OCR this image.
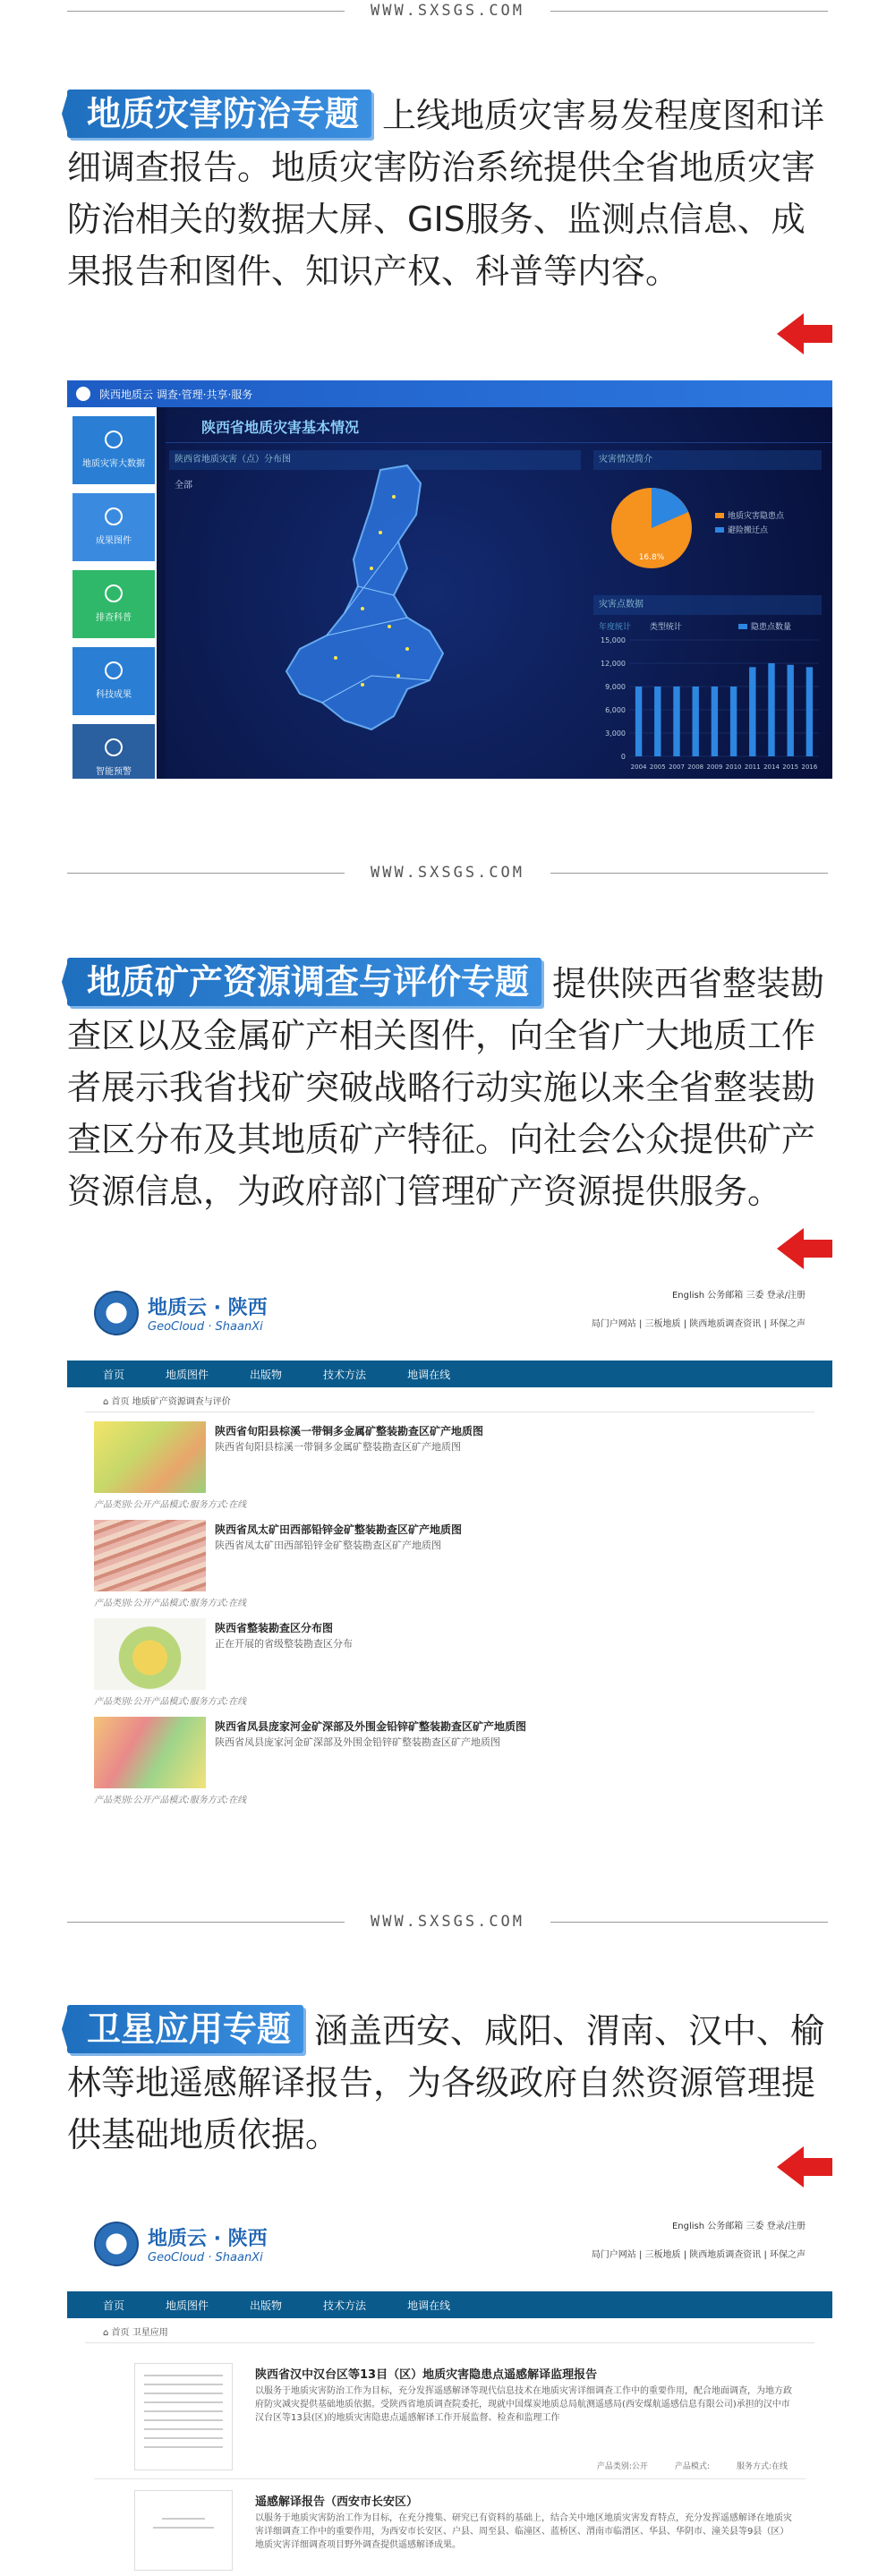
WWW.SXSGS.COM
地质灾害防治专题 上线地质灾害易发程度图和详细调查报告。地质灾害防治系统提供全省地质灾害防治相关的数据大屏、GIS服务、监测点信息、成果报告和图件、知识产权、科普等内容。
陕西地质云 调查·管理·共享·服务
地质灾害大数据
成果图件
排查科普
科技成果
智能预警
陕西省地质灾害基本情况
陕西省地质灾害（点）分布图
全部
灾害情况简介
16.8%
地质灾害隐患点
避险搬迁点
灾害点数据
年度统计 类型统计	隐患点数量
0
3,000
6,000
9,000
12,000
15,000
2004 2005 2007 2008 2009 2010 2011 2014 2015 2016
WWW.SXSGS.COM
地质矿产资源调查与评价专题 提供陕西省整装勘查区以及金属矿产相关图件，向全省广大地质工作者展示我省找矿突破战略行动实施以来全省整装勘查区分布及其地质矿产特征。向社会公众提供矿产资源信息，为政府部门管理矿产资源提供服务。
地质云 · 陕西
GeoCloud · ShaanXi
English 公务邮箱 三委 登录/注册
局门户网站 | 三板地质 | 陕西地质调查资讯 | 环保之声
首页	地质图件	出版物	技术方法	地调在线
⌂ 首页 地质矿产资源调查与评价
陕西省旬阳县棕溪一带铜多金属矿整装勘查区矿产地质图
陕西省旬阳县棕溪一带铜多金属矿整装勘查区矿产地质图
产品类别:公开产品模式:服务方式:在线
陕西省凤太矿田西部铅锌金矿整装勘查区矿产地质图
陕西省凤太矿田西部铅锌金矿整装勘查区矿产地质图
产品类别:公开产品模式:服务方式:在线
陕西省整装勘查区分布图
正在开展的省级整装勘查区分布
产品类别:公开产品模式:服务方式:在线
陕西省凤县庞家河金矿深部及外围金铅锌矿整装勘查区矿产地质图
陕西省凤县庞家河金矿深部及外围金铅锌矿整装勘查区矿产地质图
产品类别:公开产品模式:服务方式:在线
WWW.SXSGS.COM
卫星应用专题 涵盖西安、咸阳、渭南、汉中、榆林等地遥感解译报告，为各级政府自然资源管理提供基础地质依据。
地质云 · 陕西
GeoCloud · ShaanXi
English 公务邮箱 三委 登录/注册
局门户网站 | 三板地质 | 陕西地质调查资讯 | 环保之声
首页	地质图件	出版物	技术方法	地调在线
⌂ 首页 卫星应用
陕西省汉中汉台区等13目（区）地质灾害隐患点遥感解译监理报告
以服务于地质灾害防治工作为目标，充分发挥遥感解译等现代信息技术在地质灾害详细调查工作中的重要作用，配合地面调查，为地方政府防灾减灾提供基础地质依据。受陕西省地质调查院委托，现就中国煤炭地质总局航测遥感局(西安煤航遥感信息有限公司)承担的汉中市汉台区等13县(区)的地质灾害隐患点遥感解译工作开展监督、检查和监理工作
产品类别:公开	产品模式:	服务方式:在线
遥感解译报告（西安市长安区）
以服务于地质灾害防治工作为目标，在充分搜集、研究已有资料的基础上，结合关中地区地质灾害发育特点，充分发挥遥感解译在地质灾害详细调查工作中的重要作用，为西安市长安区、户县、周至县、临潼区、蓝桥区、渭南市临渭区、华县、华阴市、潼关县等9县（区）地质灾害详细调查项目野外调查提供遥感解译成果。
